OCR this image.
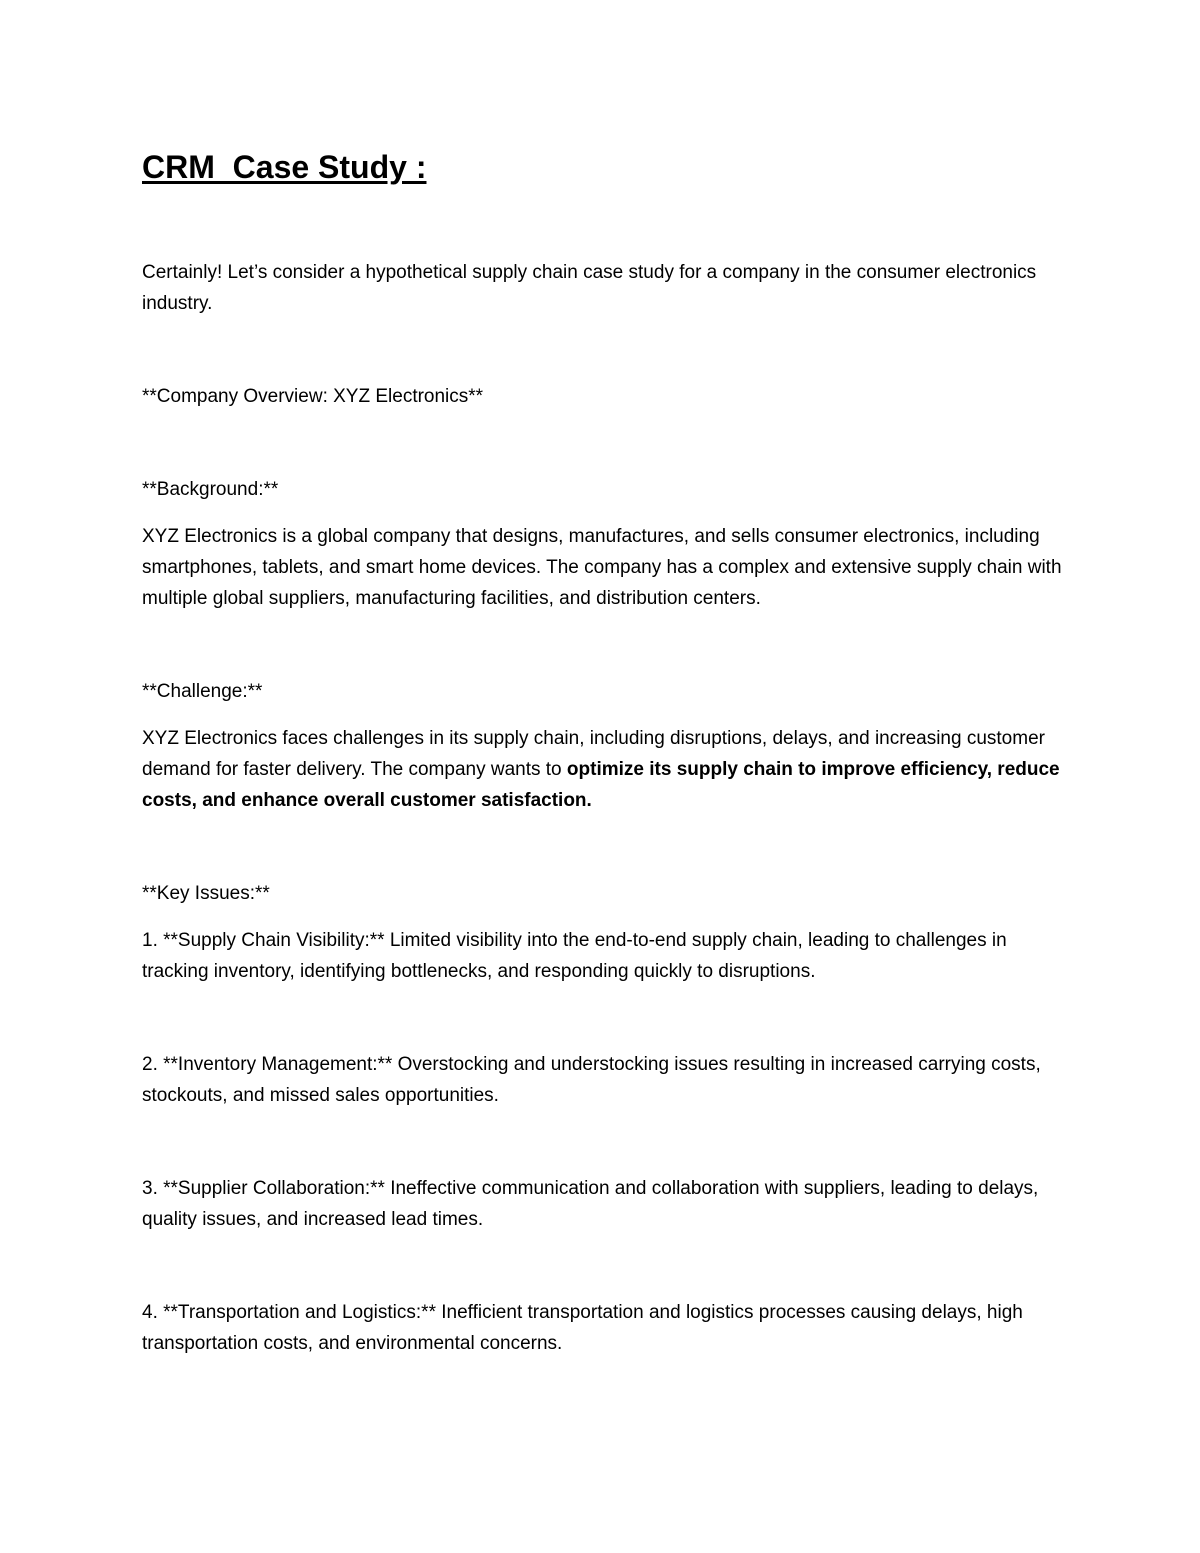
CRM  Case Study :

Certainly! Let’s consider a hypothetical supply chain case study for a company in the consumer electronics industry.

**Company Overview: XYZ Electronics**

**Background:**

XYZ Electronics is a global company that designs, manufactures, and sells consumer electronics, including smartphones, tablets, and smart home devices. The company has a complex and extensive supply chain with multiple global suppliers, manufacturing facilities, and distribution centers.

**Challenge:**

XYZ Electronics faces challenges in its supply chain, including disruptions, delays, and increasing customer demand for faster delivery. The company wants to optimize its supply chain to improve efficiency, reduce costs, and enhance overall customer satisfaction.

**Key Issues:**

1. **Supply Chain Visibility:** Limited visibility into the end-to-end supply chain, leading to challenges in tracking inventory, identifying bottlenecks, and responding quickly to disruptions.

2. **Inventory Management:** Overstocking and understocking issues resulting in increased carrying costs, stockouts, and missed sales opportunities.

3. **Supplier Collaboration:** Ineffective communication and collaboration with suppliers, leading to delays, quality issues, and increased lead times.

4. **Transportation and Logistics:** Inefficient transportation and logistics processes causing delays, high transportation costs, and environmental concerns.
